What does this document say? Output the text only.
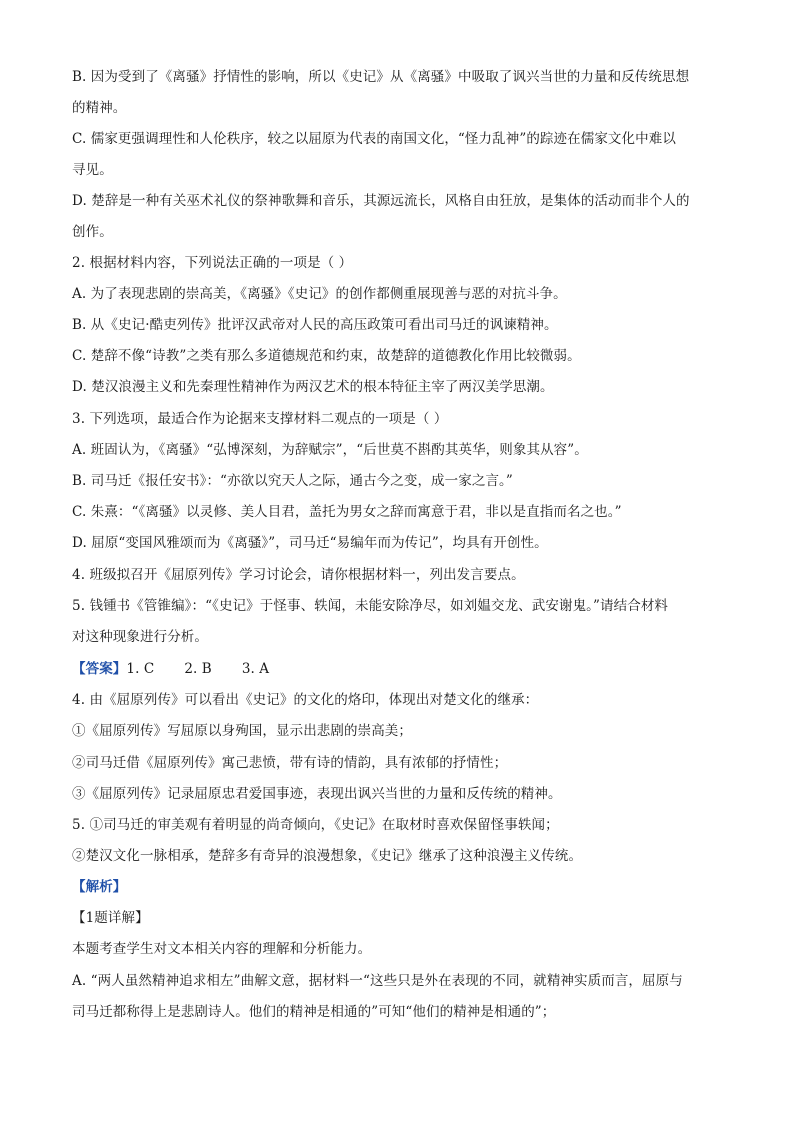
B. 因为受到了《离骚》抒情性的影响，所以《史记》从《离骚》中吸取了讽兴当世的力量和反传统思想
的精神。
C. 儒家更强调理性和人伦秩序，较之以屈原为代表的南国文化，“怪力乱神”的踪迹在儒家文化中难以
寻见。
D. 楚辞是一种有关巫术礼仪的祭神歌舞和音乐，其源远流长，风格自由狂放，是集体的活动而非个人的
创作。
2. 根据材料内容，下列说法正确的一项是（ ）
A. 为了表现悲剧的崇高美，《离骚》《史记》的创作都侧重展现善与恶的对抗斗争。
B. 从《史记·酷吏列传》批评汉武帝对人民的高压政策可看出司马迁的讽谏精神。
C. 楚辞不像“诗教”之类有那么多道德规范和约束，故楚辞的道德教化作用比较微弱。
D. 楚汉浪漫主义和先秦理性精神作为两汉艺术的根本特征主宰了两汉美学思潮。
3. 下列选项，最适合作为论据来支撑材料二观点的一项是（ ）
A. 班固认为，《离骚》“弘博深刻，为辞赋宗”，“后世莫不斟酌其英华，则象其从容”。
B. 司马迁《报任安书》：“亦欲以究天人之际，通古今之变，成一家之言。”
C. 朱熹：“《离骚》以灵修、美人目君，盖托为男女之辞而寓意于君，非以是直指而名之也。”
D. 屈原“变国风雅颂而为《离骚》”，司马迁“易编年而为传记”，均具有开创性。
4. 班级拟召开《屈原列传》学习讨论会，请你根据材料一，列出发言要点。
5. 钱锺书《管锥编》：“《史记》于怪事、轶闻，未能安除净尽，如刘媪交龙、武安谢鬼。”请结合材料
对这种现象进行分析。
【答案】1. C 2. B 3. A
4. 由《屈原列传》可以看出《史记》的文化的烙印，体现出对楚文化的继承：
①《屈原列传》写屈原以身殉国，显示出悲剧的崇高美；
②司马迁借《屈原列传》寓己悲愤，带有诗的情韵，具有浓郁的抒情性；
③《屈原列传》记录屈原忠君爱国事迹，表现出讽兴当世的力量和反传统的精神。
5. ①司马迁的审美观有着明显的尚奇倾向，《史记》在取材时喜欢保留怪事轶闻；
②楚汉文化一脉相承，楚辞多有奇异的浪漫想象，《史记》继承了这种浪漫主义传统。
【解析】
【1题详解】
本题考查学生对文本相关内容的理解和分析能力。
A. “两人虽然精神追求相左”曲解文意，据材料一“这些只是外在表现的不同，就精神实质而言，屈原与
司马迁都称得上是悲剧诗人。他们的精神是相通的”可知“他们的精神是相通的”；
